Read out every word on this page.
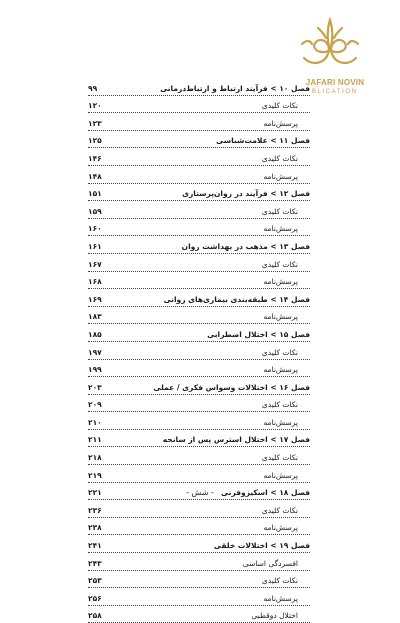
JAFARI NOVIN
BLICATION
۹۹	فصل ۱۰ > فرآیند ارتباط و ارتباط‌درمانی
۱۲۰	نکات کلیدی
۱۲۳	پرسش‌نامه
۱۲۵	فصل ۱۱ > علامت‌شناسی
۱۴۶	نکات کلیدی
۱۴۸	پرسش‌نامه
۱۵۱	فصل ۱۲ > فرآیند در روان‌پرستاری
۱۵۹	نکات کلیدی
۱۶۰	پرسش‌نامه
۱۶۱	فصل ۱۳ > مذهب در بهداشت روان
۱۶۷	نکات کلیدی
۱۶۸	پرسش‌نامه
۱۶۹	فصل ۱۴ > طبقه‌بندی بیماری‌های روانی
۱۸۳	پرسش‌نامه
۱۸۵	فصل ۱۵ > اختلال اضطرابی
۱۹۷	نکات کلیدی
۱۹۹	پرسش‌نامه
۲۰۳	فصل ۱۶ > اختلالات وسواس فکری / عملی
۲۰۹	نکات کلیدی
۲۱۰	پرسش‌نامه
۲۱۱	فصل ۱۷ > اختلال استرس پس از سانحه
۲۱۸	نکات کلیدی
۲۱۹	پرسش‌نامه
۲۲۱	فصل ۱۸ > اسکیزوفرنی
۲۳۶	نکات کلیدی
۲۳۸	پرسش‌نامه
۲۴۱	فصل ۱۹ > اختلالات خلقی
۲۴۳	افسردگی اساسی
۲۵۳	نکات کلیدی
۲۵۶	پرسش‌نامه
۲۵۸	اختلال دوقطبی
- شش -
